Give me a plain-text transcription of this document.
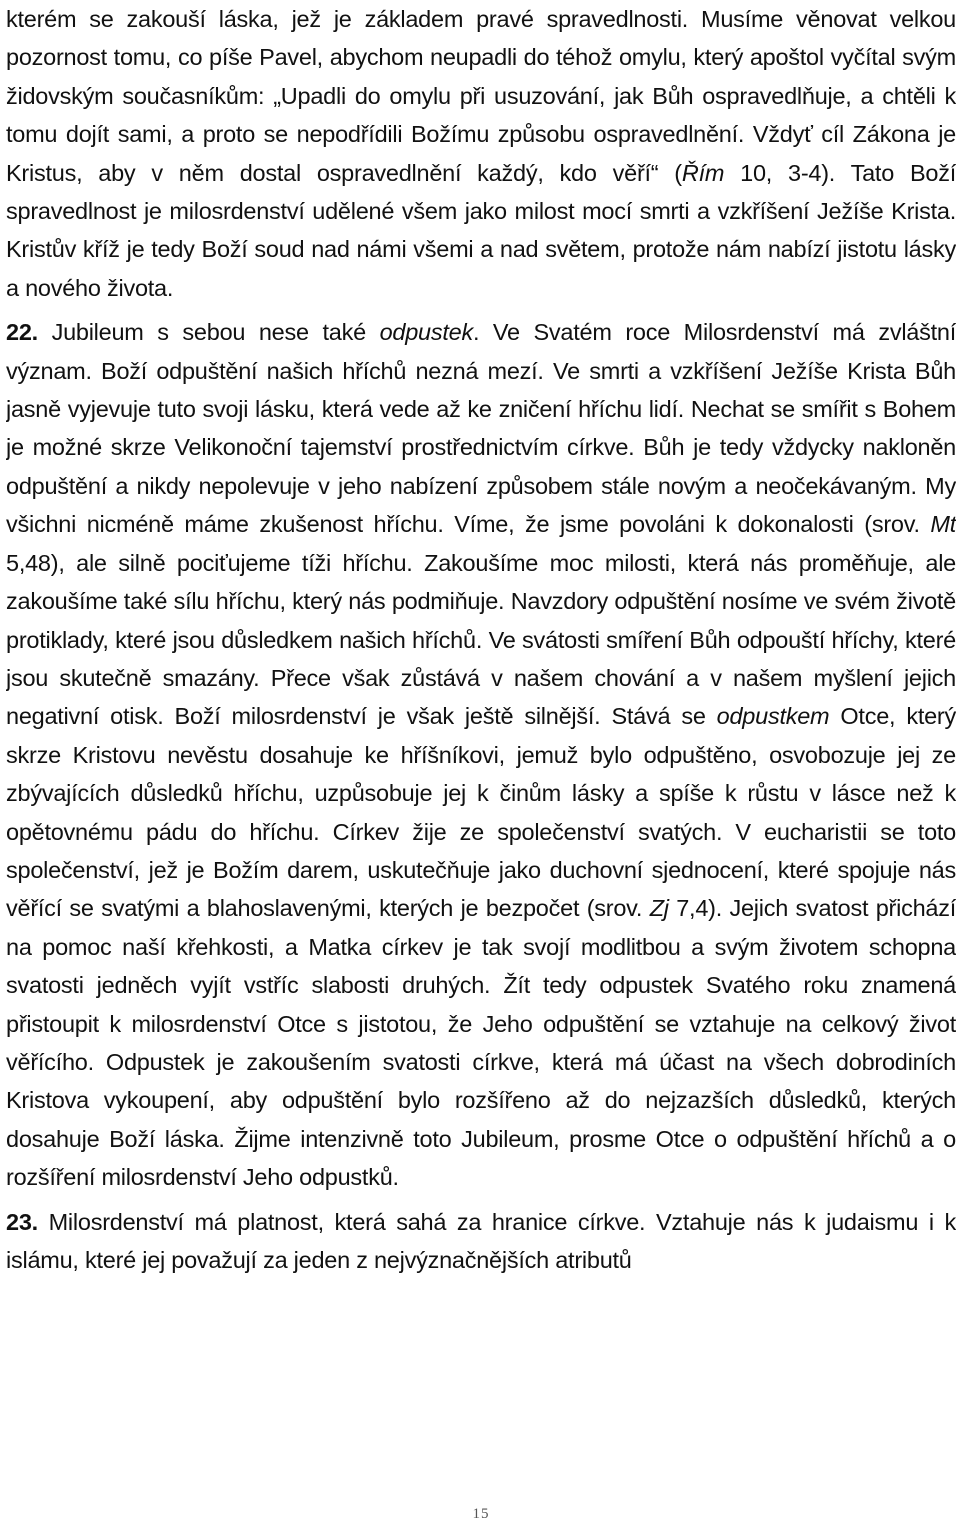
kterém se zakouší láska, jež je základem pravé spravedlnosti. Musíme věnovat velkou pozornost tomu, co píše Pavel, abychom neupadli do téhož omylu, který apoštol vyčítal svým židovským současníkům: „Upadli do omylu při usuzování, jak Bůh ospravedlňuje, a chtěli k tomu dojít sami, a proto se nepodřídili Božímu způsobu ospravedlnění. Vždyť cíl Zákona je Kristus, aby v něm dostal ospravedlnění každý, kdo věří“ (Řím 10, 3-4). Tato Boží spravedlnost je milosrdenství udělené všem jako milost mocí smrti a vzkříšení Ježíše Krista. Kristův kříž je tedy Boží soud nad námi všemi a nad světem, protože nám nabízí jistotu lásky a nového života.

22. Jubileum s sebou nese také odpustek. Ve Svatém roce Milosrdenství má zvláštní význam. Boží odpuštění našich hříchů nezná mezí. Ve smrti a vzkříšení Ježíše Krista Bůh jasně vyjevuje tuto svoji lásku, která vede až ke zničení hříchu lidí. Nechat se smířit s Bohem je možné skrze Velikonoční tajemství prostřednictvím církve. Bůh je tedy vždycky nakloněn odpuštění a nikdy nepolevuje v jeho nabízení způsobem stále novým a neočekávaným. My všichni nicméně máme zkušenost hříchu. Víme, že jsme povoláni k dokonalosti (srov. Mt 5,48), ale silně pociťujeme tíži hříchu. Zakoušíme moc milosti, která nás proměňuje, ale zakoušíme také sílu hříchu, který nás podmiňuje. Navzdory odpuštění nosíme ve svém životě protiklady, které jsou důsledkem našich hříchů. Ve svátosti smíření Bůh odpouští hříchy, které jsou skutečně smazány. Přece však zůstává v našem chování a v našem myšlení jejich negativní otisk. Boží milosrdenství je však ještě silnější. Stává se odpustkem Otce, který skrze Kristovu nevěstu dosahuje ke hříšníkovi, jemuž bylo odpuštěno, osvobozuje jej ze zbývajících důsledků hříchu, uzpůsobuje jej k činům lásky a spíše k růstu v lásce než k opětovnému pádu do hříchu. Církev žije ze společenství svatých. V eucharistii se toto společenství, jež je Božím darem, uskutečňuje jako duchovní sjednocení, které spojuje nás věřící se svatými a blahoslavenými, kterých je bezpočet (srov. Zj 7,4). Jejich svatost přichází na pomoc naší křehkosti, a Matka církev je tak svojí modlitbou a svým životem schopna svatosti jedněch vyjít vstříc slabosti druhých. Žít tedy odpustek Svatého roku znamená přistoupit k milosrdenství Otce s jistotou, že Jeho odpuštění se vztahuje na celkový život věřícího. Odpustek je zakoušením svatosti církve, která má účast na všech dobrodiních Kristova vykoupení, aby odpuštění bylo rozšířeno až do nejzazších důsledků, kterých dosahuje Boží láska. Žijme intenzivně toto Jubileum, prosme Otce o odpuštění hříchů a o rozšíření milosrdenství Jeho odpustků.

23. Milosrdenství má platnost, která sahá za hranice církve. Vztahuje nás k judaismu i k islámu, které jej považují za jeden z nejvýznačnějších atributů

15
